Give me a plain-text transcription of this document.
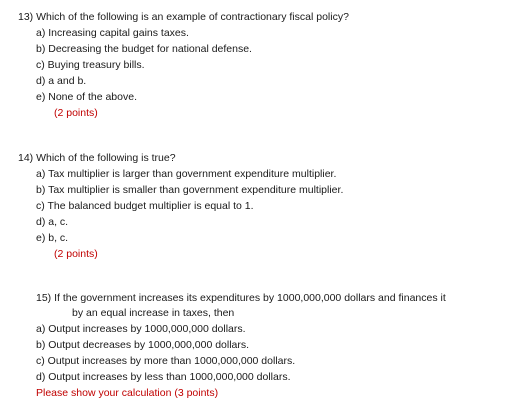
13) Which of the following is an example of contractionary fiscal policy?
a) Increasing capital gains taxes.
b) Decreasing the budget for national defense.
c) Buying treasury bills.
d) a and b.
e) None of the above.
(2 points)
14) Which of the following is true?
a) Tax multiplier is larger than government expenditure multiplier.
b) Tax multiplier is smaller than government expenditure multiplier.
c) The balanced budget multiplier is equal to 1.
d) a, c.
e) b, c.
(2 points)
15) If the government increases its expenditures by 1000,000,000 dollars and finances it
by an equal increase in taxes, then
a) Output increases by 1000,000,000 dollars.
b) Output decreases by 1000,000,000 dollars.
c) Output increases by more than 1000,000,000 dollars.
d) Output increases by less than 1000,000,000 dollars.
Please show your calculation (3 points)
